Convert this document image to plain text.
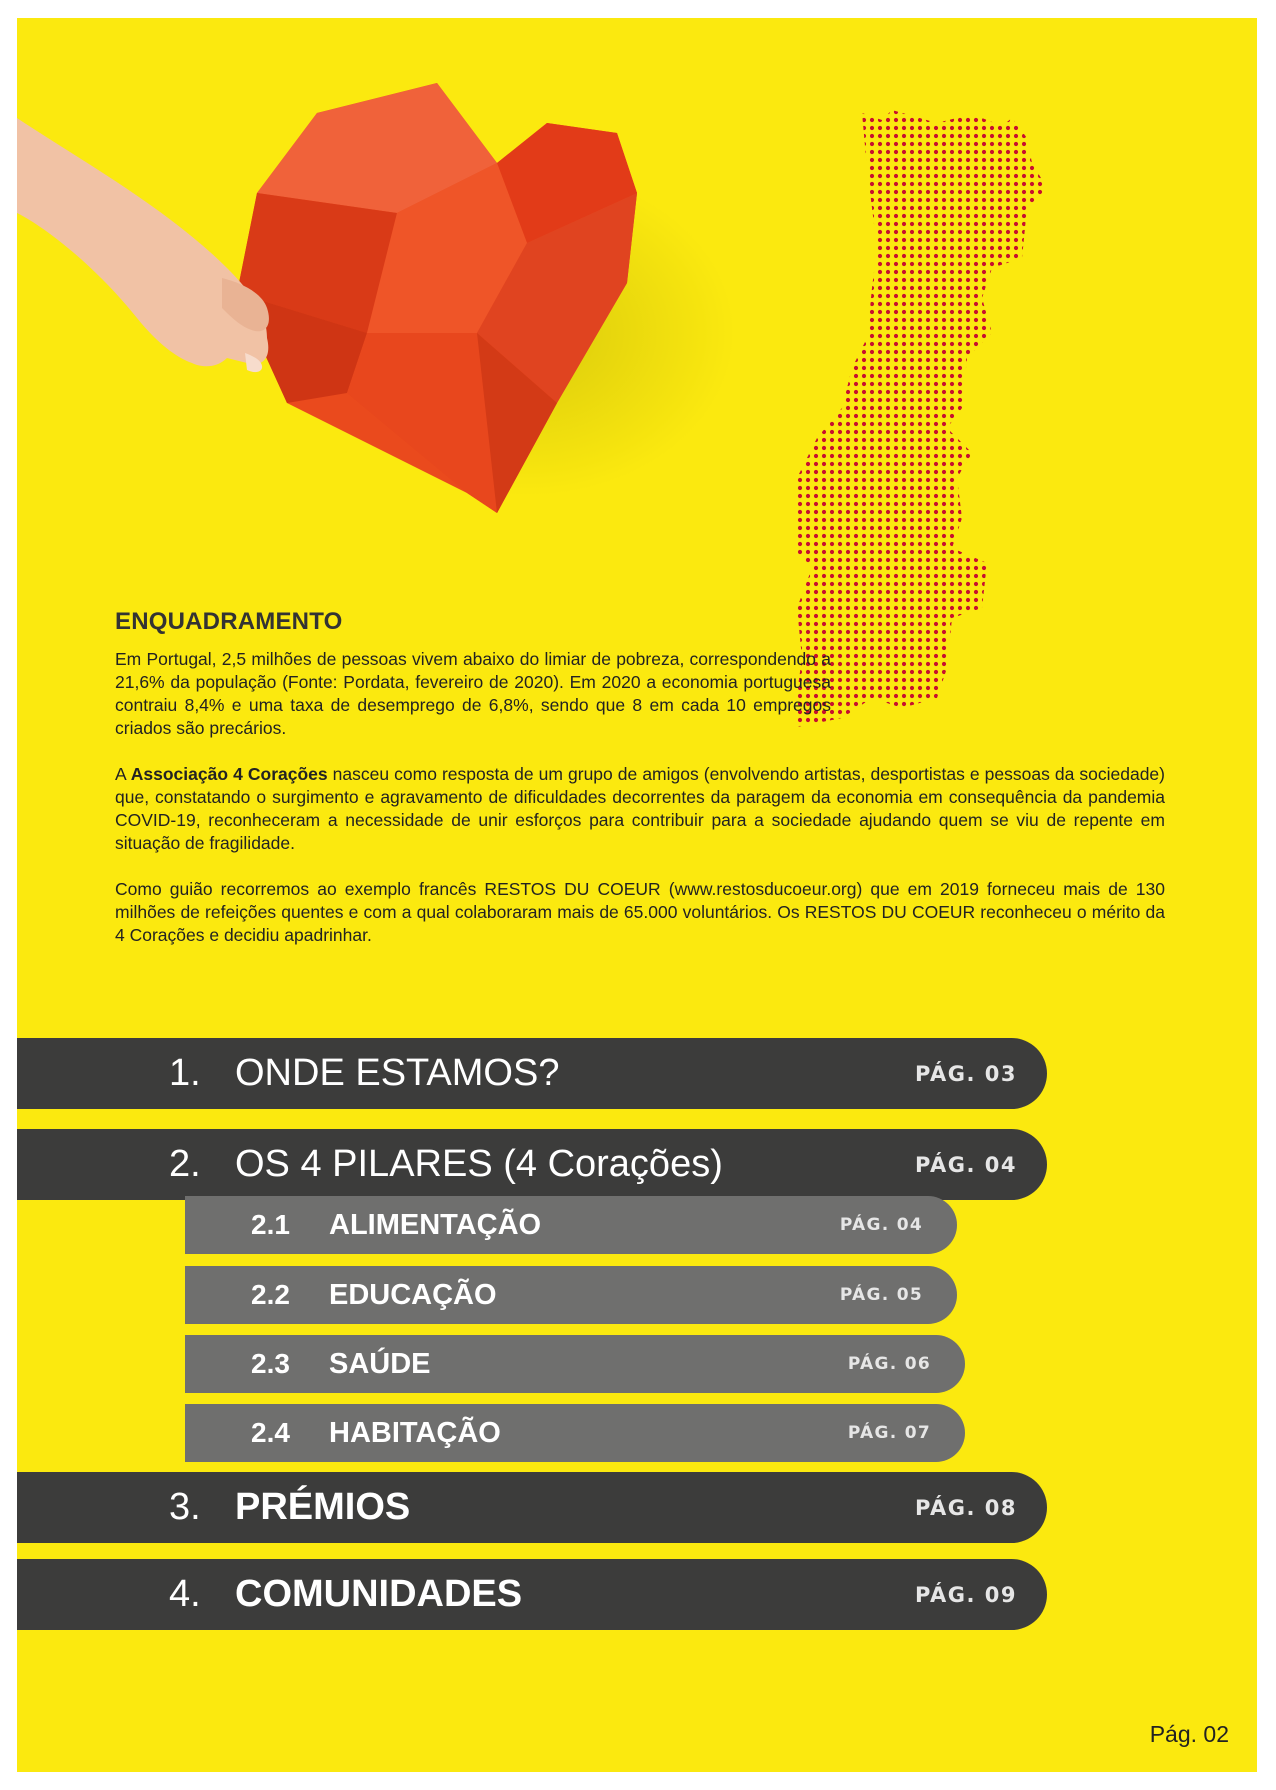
ENQUADRAMENTO

Em Portugal, 2,5 milhões de pessoas vivem abaixo do limiar de pobreza, correspondendo a 21,6% da população (Fonte: Pordata, fevereiro de 2020). Em 2020 a economia portuguesa contraiu 8,4% e uma taxa de desemprego de 6,8%, sendo que 8 em cada 10 empregos criados são precários.

A Associação 4 Corações nasceu como resposta de um grupo de amigos (envolvendo artistas, desportistas e pessoas da sociedade) que, constatando o surgimento e agravamento de dificuldades decorrentes da paragem da economia em consequência da pandemia COVID-19, reconheceram a necessidade de unir esforços para contribuir para a sociedade ajudando quem se viu de repente em situação de fragilidade.

Como guião recorremos ao exemplo francês RESTOS DU COEUR (www.restosducoeur.org) que em 2019 forneceu mais de 130 milhões de refeições quentes e com a qual colaboraram mais de 65.000 voluntários. Os RESTOS DU COEUR reconheceu o mérito da 4 Corações e decidiu apadrinhar.

1. ONDE ESTAMOS?	PÁG. 03
2. OS 4 PILARES (4 Corações)	PÁG. 04
2.1 ALIMENTAÇÃO	PÁG. 04
2.2 EDUCAÇÃO	PÁG. 05
2.3 SAÚDE	PÁG. 06
2.4 HABITAÇÃO	PÁG. 07
3. PRÉMIOS	PÁG. 08
4. COMUNIDADES	PÁG. 09
Pág. 02
